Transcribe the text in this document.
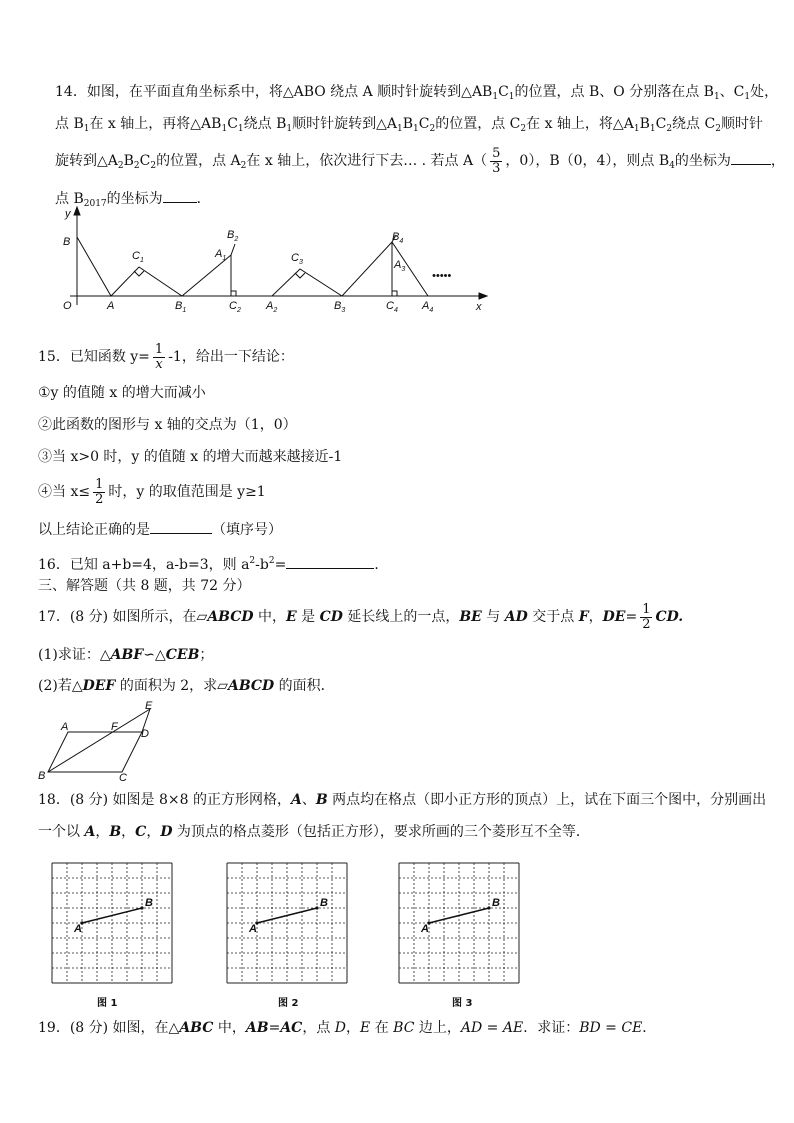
14．如图，在平面直角坐标系中，将△ABO 绕点 A 顺时针旋转到$\triangle AB_1C_1$的位置，点 B、O 分别落在点 $B_1$、$C_1$处，
点 $B_1$在 x 轴上，再将$\triangle AB_1C_1$绕点 $B_1$顺时针旋转到$\triangle A_1B_1C_2$的位置，点 $C_2$在 x 轴上，将$\triangle A_1B_1C_2$绕点 $C_2$顺时针
旋转到$\triangle A_2B_2C_2$的位置，点 $A_2$在 x 轴上，依次进行下去… . 若点 $A( \frac{5}{3}$ ，0），B（0，4），则点 $B_4$的坐标为	，
点 $B_{2017}$的坐标为 ．
y
B
O	A
$C_1$
$B_1$
$A_1$
$B_2$
$C_2$ $A_2$
$C_3$
$B_3$
$B_4$
$A_3$
$C_4$ $A_4$
•••••
x
15．已知函数 $y= \frac{1}{x} -1$，给出一下结论：
①y 的值随 x 的增大而减小
②此函数的图形与 x 轴的交点为（1，0）
③当 x>0 时，y 的值随 x 的增大而越来越接近-1
④当 $x\le \frac{1}{2}$ 时，y 的取值范围是 y≥1
以上结论正确的是	（填序号）
16．已知 a+b=4，a-b=3，则 $a^2-b^2=$	．
三、解答题（共 8 题，共 72 分）
17．(8 分) 如图所示，在▱ABCD 中，E 是 CD 延长线上的一点，BE 与 AD 交于点 F，$DE= \frac{1}{2}$ CD.
(1)求证：△ABF∽△CEB；
(2)若△DEF 的面积为 2，求▱ABCD 的面积．
A	F
E
D
B	C
18．(8 分) 如图是 8×8 的正方形网格，A、B 两点均在格点（即小正方形的顶点）上，试在下面三个图中，分别画出
一个以 A，B，C，D 为顶点的格点菱形（包括正方形），要求所画的三个菱形互不全等．
A
B
A
B
A
B
图 1	图 2	图 3
19．(8 分) 如图，在△ABC 中，AB=AC，点 D，E 在 BC 边上，AD = AE．求证：BD = CE．
